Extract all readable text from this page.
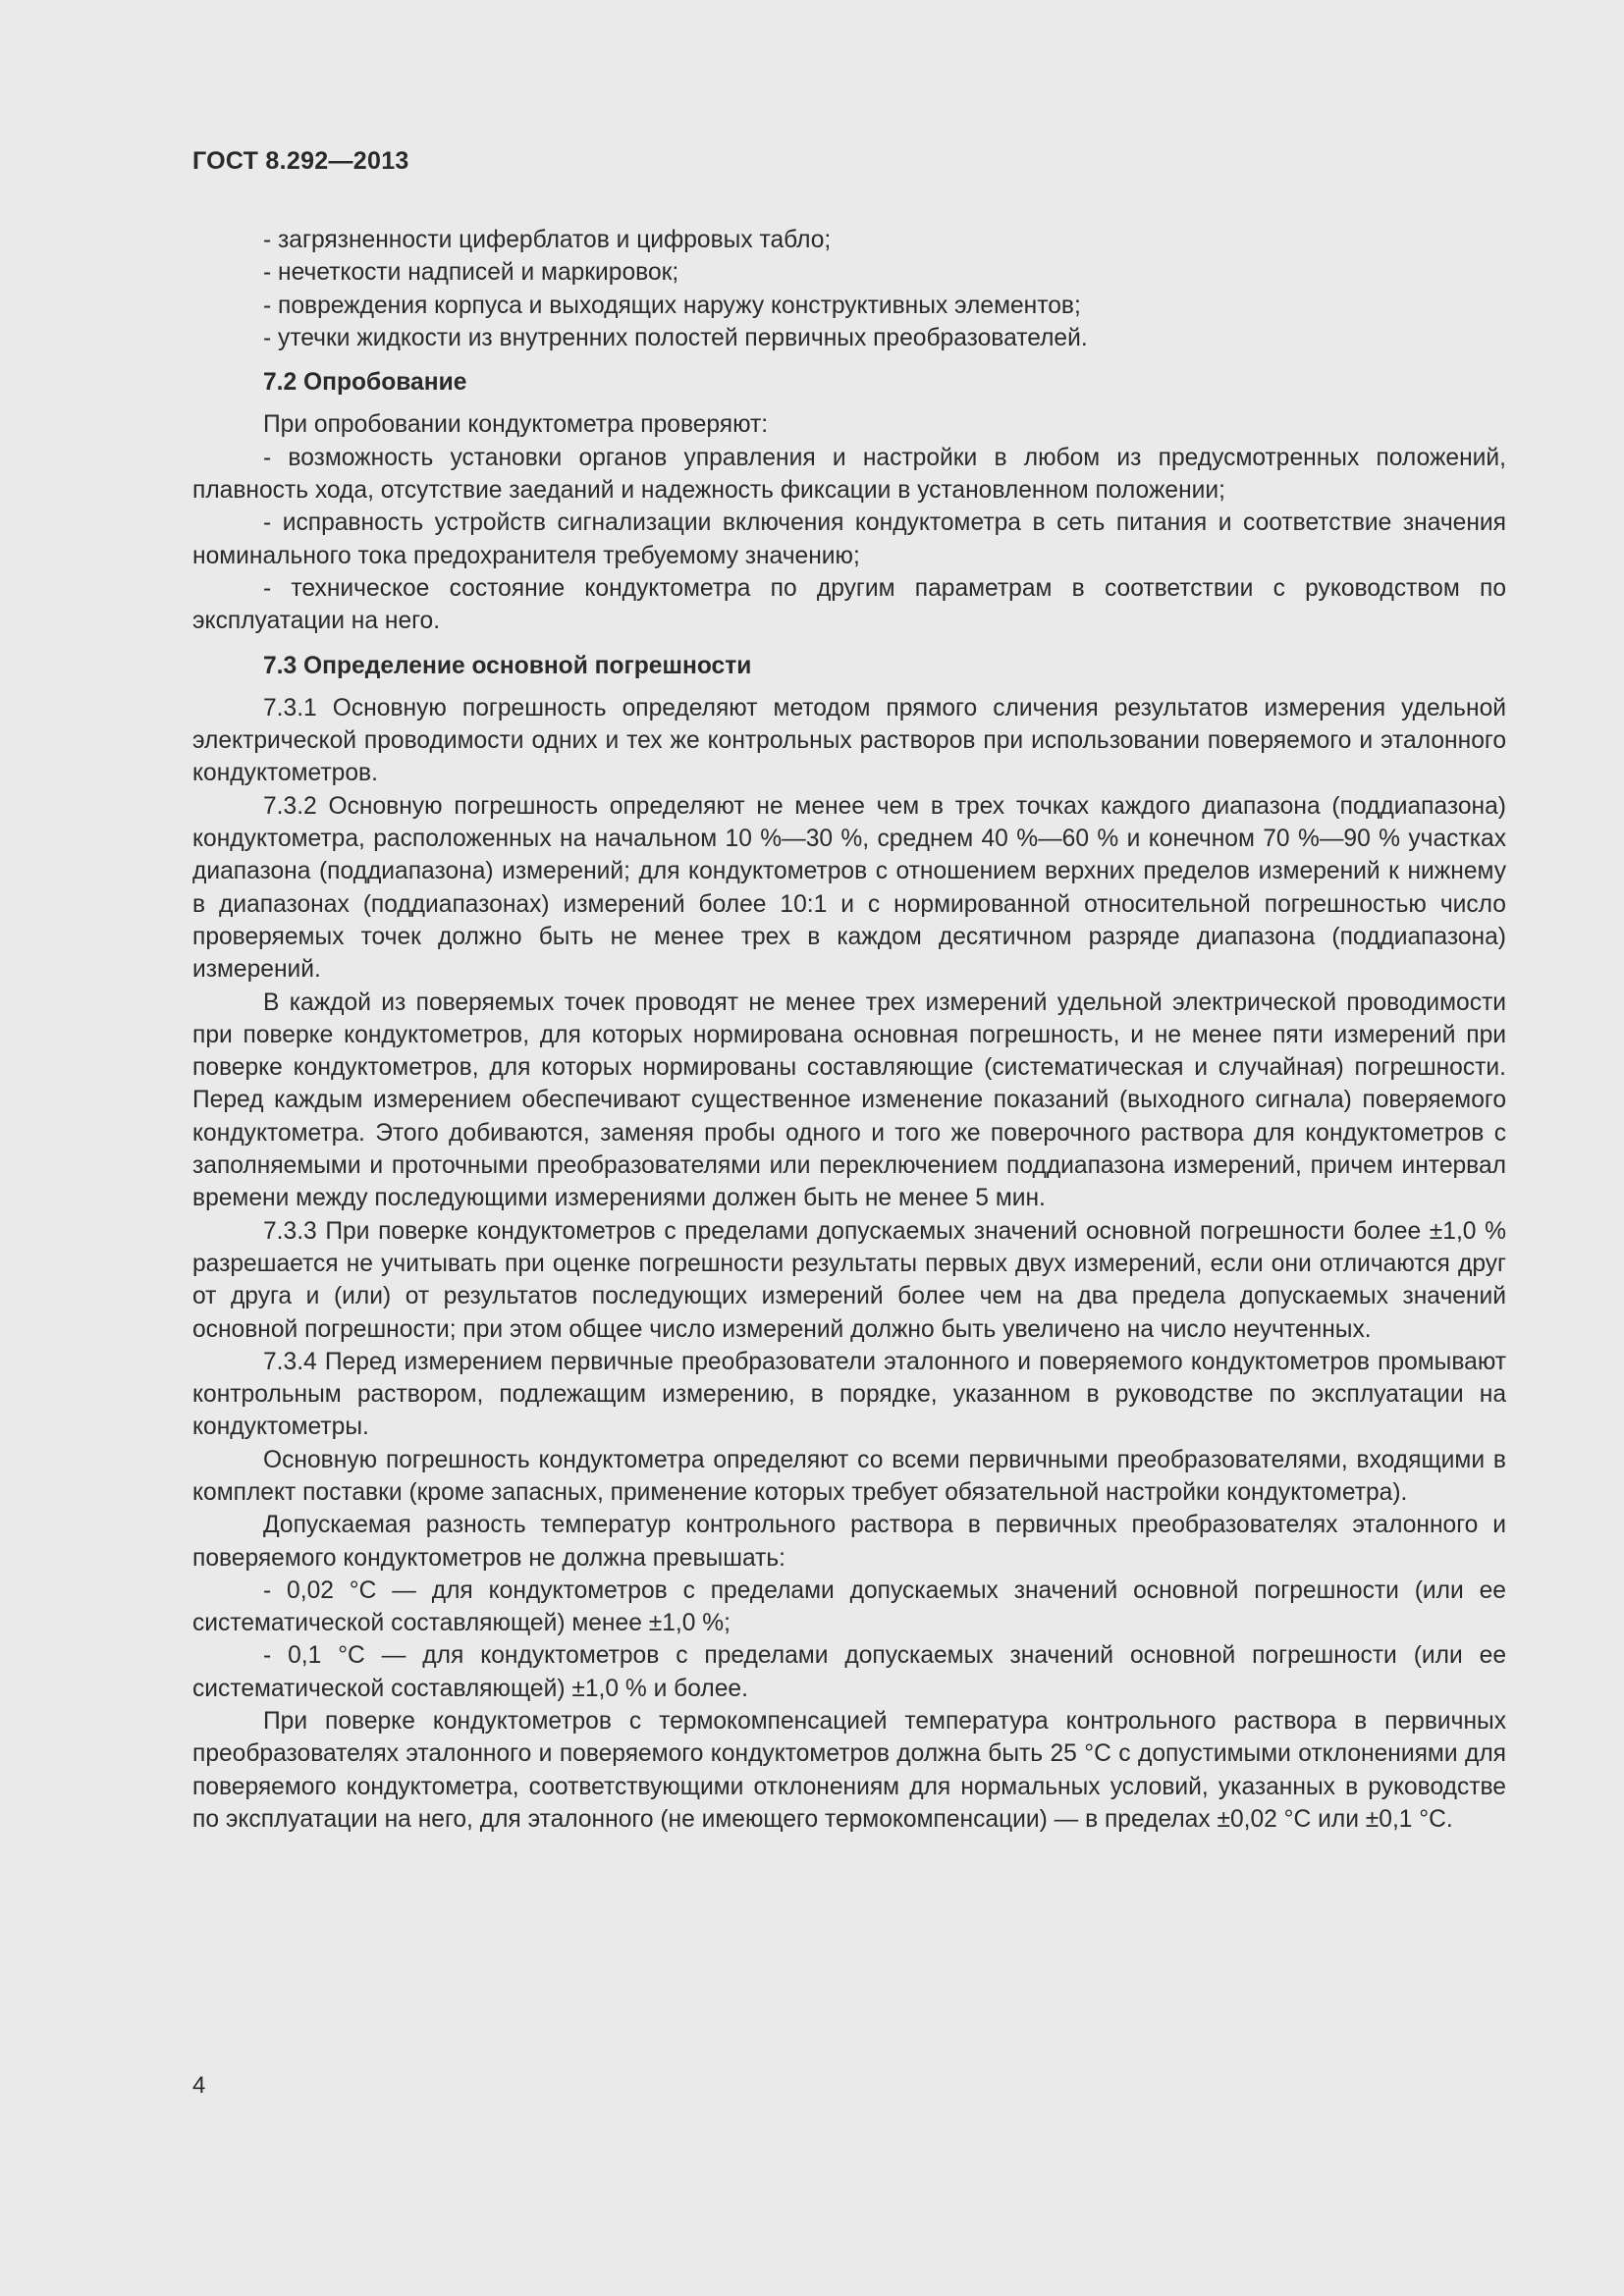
ГОСТ 8.292—2013

- загрязненности циферблатов и цифровых табло;

- нечеткости надписей и маркировок;

- повреждения корпуса и выходящих наружу конструктивных элементов;

- утечки жидкости из внутренних полостей первичных преобразователей.

7.2 Опробование

При опробовании кондуктометра проверяют:

- возможность установки органов управления и настройки в любом из предусмотренных положений, плавность хода, отсутствие заеданий и надежность фиксации в установленном положении;

- исправность устройств сигнализации включения кондуктометра в сеть питания и соответствие значения номинального тока предохранителя требуемому значению;

- техническое состояние кондуктометра по другим параметрам в соответствии с руководством по эксплуатации на него.

7.3 Определение основной погрешности

7.3.1 Основную погрешность определяют методом прямого сличения результатов измерения удельной электрической проводимости одних и тех же контрольных растворов при использовании поверяемого и эталонного кондуктометров.

7.3.2 Основную погрешность определяют не менее чем в трех точках каждого диапазона (поддиапазона) кондуктометра, расположенных на начальном 10 %—30 %, среднем 40 %—60 % и конечном 70 %—90 % участках диапазона (поддиапазона) измерений; для кондуктометров с отношением верхних пределов измерений к нижнему в диапазонах (поддиапазонах) измерений более 10:1 и с нормированной относительной погрешностью число проверяемых точек должно быть не менее трех в каждом десятичном разряде диапазона (поддиапазона) измерений.

В каждой из поверяемых точек проводят не менее трех измерений удельной электрической проводимости при поверке кондуктометров, для которых нормирована основная погрешность, и не менее пяти измерений при поверке кондуктометров, для которых нормированы составляющие (систематическая и случайная) погрешности. Перед каждым измерением обеспечивают существенное изменение показаний (выходного сигнала) поверяемого кондуктометра. Этого добиваются, заменяя пробы одного и того же поверочного раствора для кондуктометров с заполняемыми и проточными преобразователями или переключением поддиапазона измерений, причем интервал времени между последующими измерениями должен быть не менее 5 мин.

7.3.3 При поверке кондуктометров с пределами допускаемых значений основной погрешности более ±1,0 % разрешается не учитывать при оценке погрешности результаты первых двух измерений, если они отличаются друг от друга и (или) от результатов последующих измерений более чем на два предела допускаемых значений основной погрешности; при этом общее число измерений должно быть увеличено на число неучтенных.

7.3.4 Перед измерением первичные преобразователи эталонного и поверяемого кондуктометров промывают контрольным раствором, подлежащим измерению, в порядке, указанном в руководстве по эксплуатации на кондуктометры.

Основную погрешность кондуктометра определяют со всеми первичными преобразователями, входящими в комплект поставки (кроме запасных, применение которых требует обязательной настройки кондуктометра).

Допускаемая разность температур контрольного раствора в первичных преобразователях эталонного и поверяемого кондуктометров не должна превышать:

- 0,02 °С — для кондуктометров с пределами допускаемых значений основной погрешности (или ее систематической составляющей) менее ±1,0 %;

- 0,1 °С — для кондуктометров с пределами допускаемых значений основной погрешности (или ее систематической составляющей) ±1,0 % и более.

При поверке кондуктометров с термокомпенсацией температура контрольного раствора в первичных преобразователях эталонного и поверяемого кондуктометров должна быть 25 °С с допустимыми отклонениями для поверяемого кондуктометра, соответствующими отклонениям для нормальных условий, указанных в руководстве по эксплуатации на него, для эталонного (не имеющего термокомпенсации) — в пределах ±0,02 °С или ±0,1 °С.

4
